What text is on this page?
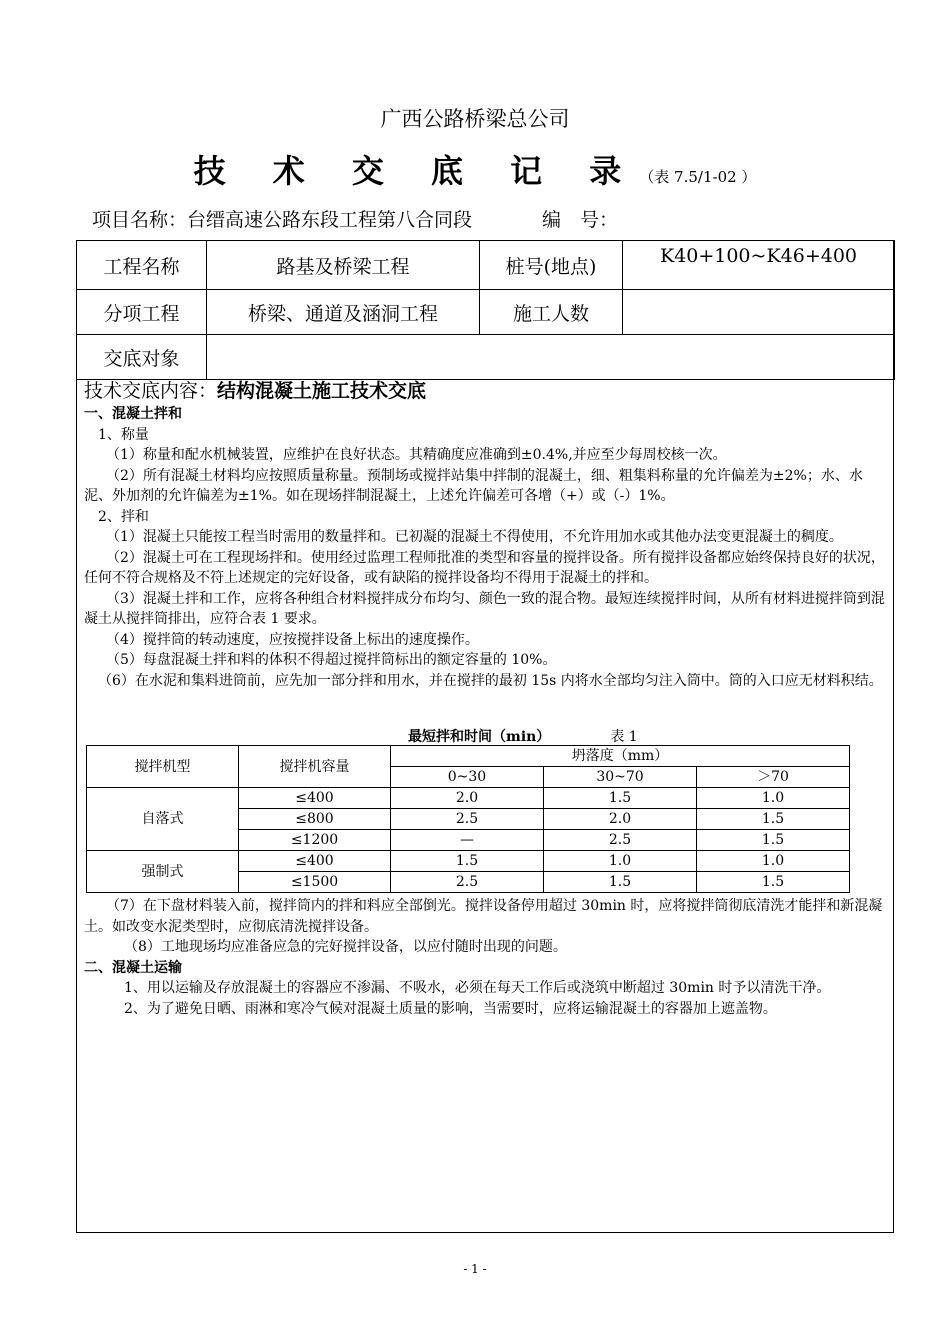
广西公路桥梁总公司
技 术 交 底 记 录（表 7.5/1-02 ）
项目名称：台缙高速公路东段工程第八合同段	编　号：
工程名称	路基及桥梁工程	桩号(地点)	K40+100~K46+400
分项工程	桥梁、通道及涵洞工程	施工人数	
交底对象			

技术交底内容：结构混凝土施工技术交底

一、混凝土拌和

1、称量

（1）称量和配水机械装置，应维护在良好状态。其精确度应准确到±0.4%,并应至少每周校核一次。

（2）所有混凝土材料均应按照质量称量。预制场或搅拌站集中拌制的混凝土，细、粗集料称量的允许偏差为±2%；水、水泥、外加剂的允许偏差为±1%。如在现场拌制混凝土，上述允许偏差可各增（+）或（-）1%。

2、拌和

（1）混凝土只能按工程当时需用的数量拌和。已初凝的混凝土不得使用，不允许用加水或其他办法变更混凝土的稠度。

（2）混凝土可在工程现场拌和。使用经过监理工程师批准的类型和容量的搅拌设备。所有搅拌设备都应始终保持良好的状况，任何不符合规格及不符上述规定的完好设备，或有缺陷的搅拌设备均不得用于混凝土的拌和。

（3）混凝土拌和工作，应将各种组合材料搅拌成分布均匀、颜色一致的混合物。最短连续搅拌时间，从所有材料进搅拌筒到混凝土从搅拌筒排出，应符合表 1 要求。

（4）搅拌筒的转动速度，应按搅拌设备上标出的速度操作。

（5）每盘混凝土拌和料的体积不得超过搅拌筒标出的额定容量的 10%。

（6）在水泥和集料进筒前，应先加一部分拌和用水，并在搅拌的最初 15s 内将水全部均匀注入筒中。筒的入口应无材料积结。

最短拌和时间（min）	表 1
搅拌机型	搅拌机容量	坍落度（mm）		
		0~30	30~70	＞70
自落式	≤400	2.0	1.5	1.0
	≤800	2.5	2.0	1.5
	≤1200	—	2.5	1.5
强制式	≤400	1.5	1.0	1.0
	≤1500	2.5	1.5	1.5

（7）在下盘材料装入前，搅拌筒内的拌和料应全部倒光。搅拌设备停用超过 30min 时，应将搅拌筒彻底清洗才能拌和新混凝土。如改变水泥类型时，应彻底清洗搅拌设备。

（8）工地现场均应准备应急的完好搅拌设备，以应付随时出现的问题。

二、混凝土运输

1、用以运输及存放混凝土的容器应不渗漏、不吸水，必须在每天工作后或浇筑中断超过 30min 时予以清洗干净。

2、为了避免日晒、雨淋和寒冷气候对混凝土质量的影响，当需要时，应将运输混凝土的容器加上遮盖物。

- 1 -
